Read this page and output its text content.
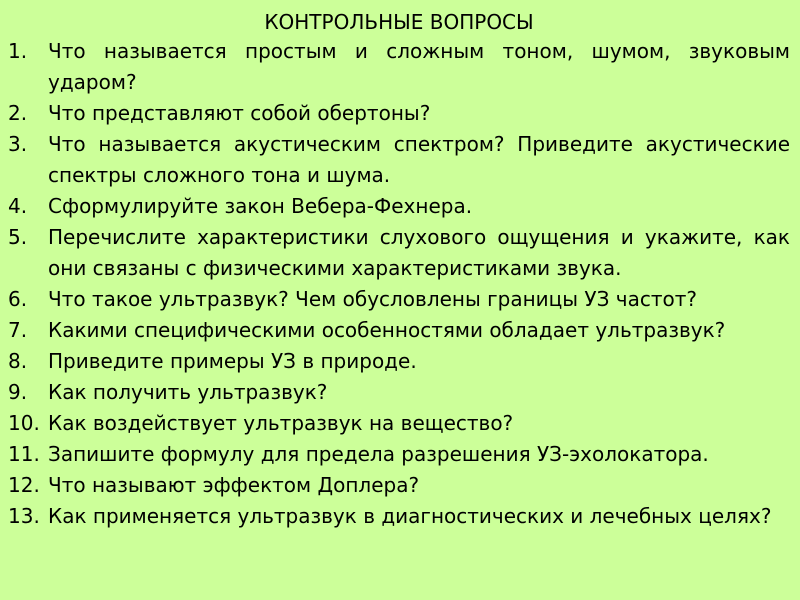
КОНТРОЛЬНЫЕ ВОПРОСЫ
1.	Что называется простым и сложным тоном, шумом, звуковым ударом?
2.	Что представляют собой обертоны?
3.	Что называется акустическим спектром? Приведите акустические спектры сложного тона и шума.
4.	Сформулируйте закон Вебера-Фехнера.
5.	Перечислите характеристики слухового ощущения и укажите, как они связаны с физическими характеристиками звука.
6.	Что такое ультразвук? Чем обусловлены границы УЗ частот?
7.	Какими специфическими особенностями обладает ультразвук?
8.	Приведите примеры УЗ в природе.
9.	Как получить ультразвук?
10. Как воздействует ультразвук на вещество?
11. Запишите формулу для предела разрешения УЗ-эхолокатора.
12. Что называют эффектом Доплера?
13. Как применяется ультразвук в диагностических и лечебных целях?
